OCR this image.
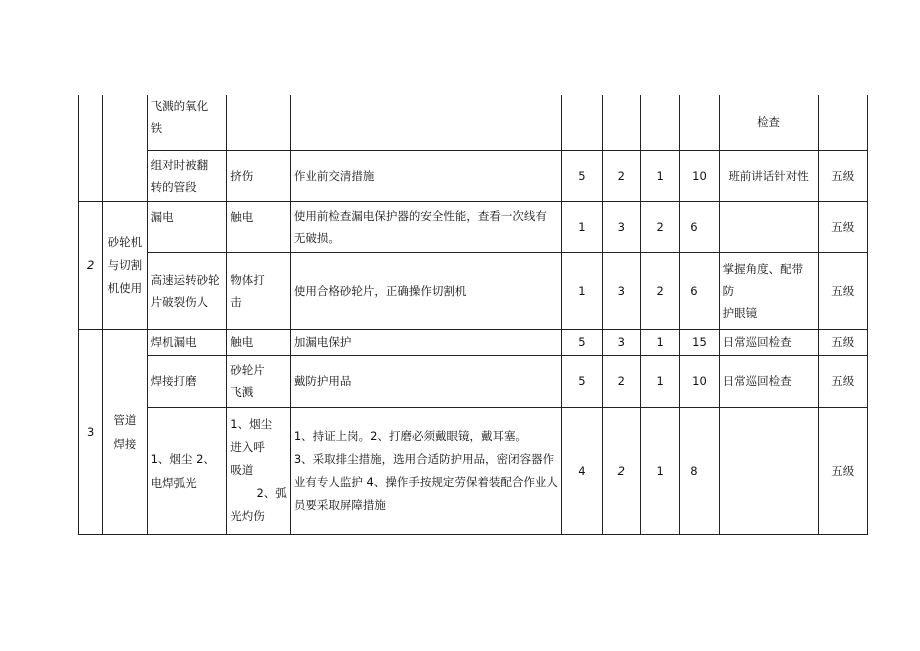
		飞溅的氧化
铁							检查	

		组对时被翻
转的管段	挤伤	作业前交清措施	5	2	1	10	班前讲话针对性	五级
2	砂轮机
与切割
机使用	漏电	触电	使用前检查漏电保护器的安全性能，查看一次线有
无破损。	1	3	2	6		五级

		高速运转砂轮
片破裂伤人	物体打
击	使用合格砂轮片，正确操作切割机	1	3	2	6	掌握角度、配带防
护眼镜	五级
3	管道
焊接	焊机漏电	触电	加漏电保护	5	3	1	15	日常巡回检查	五级
		焊接打磨	砂轮片
飞溅	戴防护用品	5	2	1	10	日常巡回检查	五级

		1、烟尘 2、
电焊弧光	1、烟尘
进入呼
吸道
2、弧
光灼伤	1、持证上岗。2、打磨必须戴眼镜，戴耳塞。
3、采取排尘措施，选用合适防护用品，密闭容器作
业有专人监护 4、操作手按规定劳保着装配合作业人
员要采取屏障措施	4	2	1	8		五级
